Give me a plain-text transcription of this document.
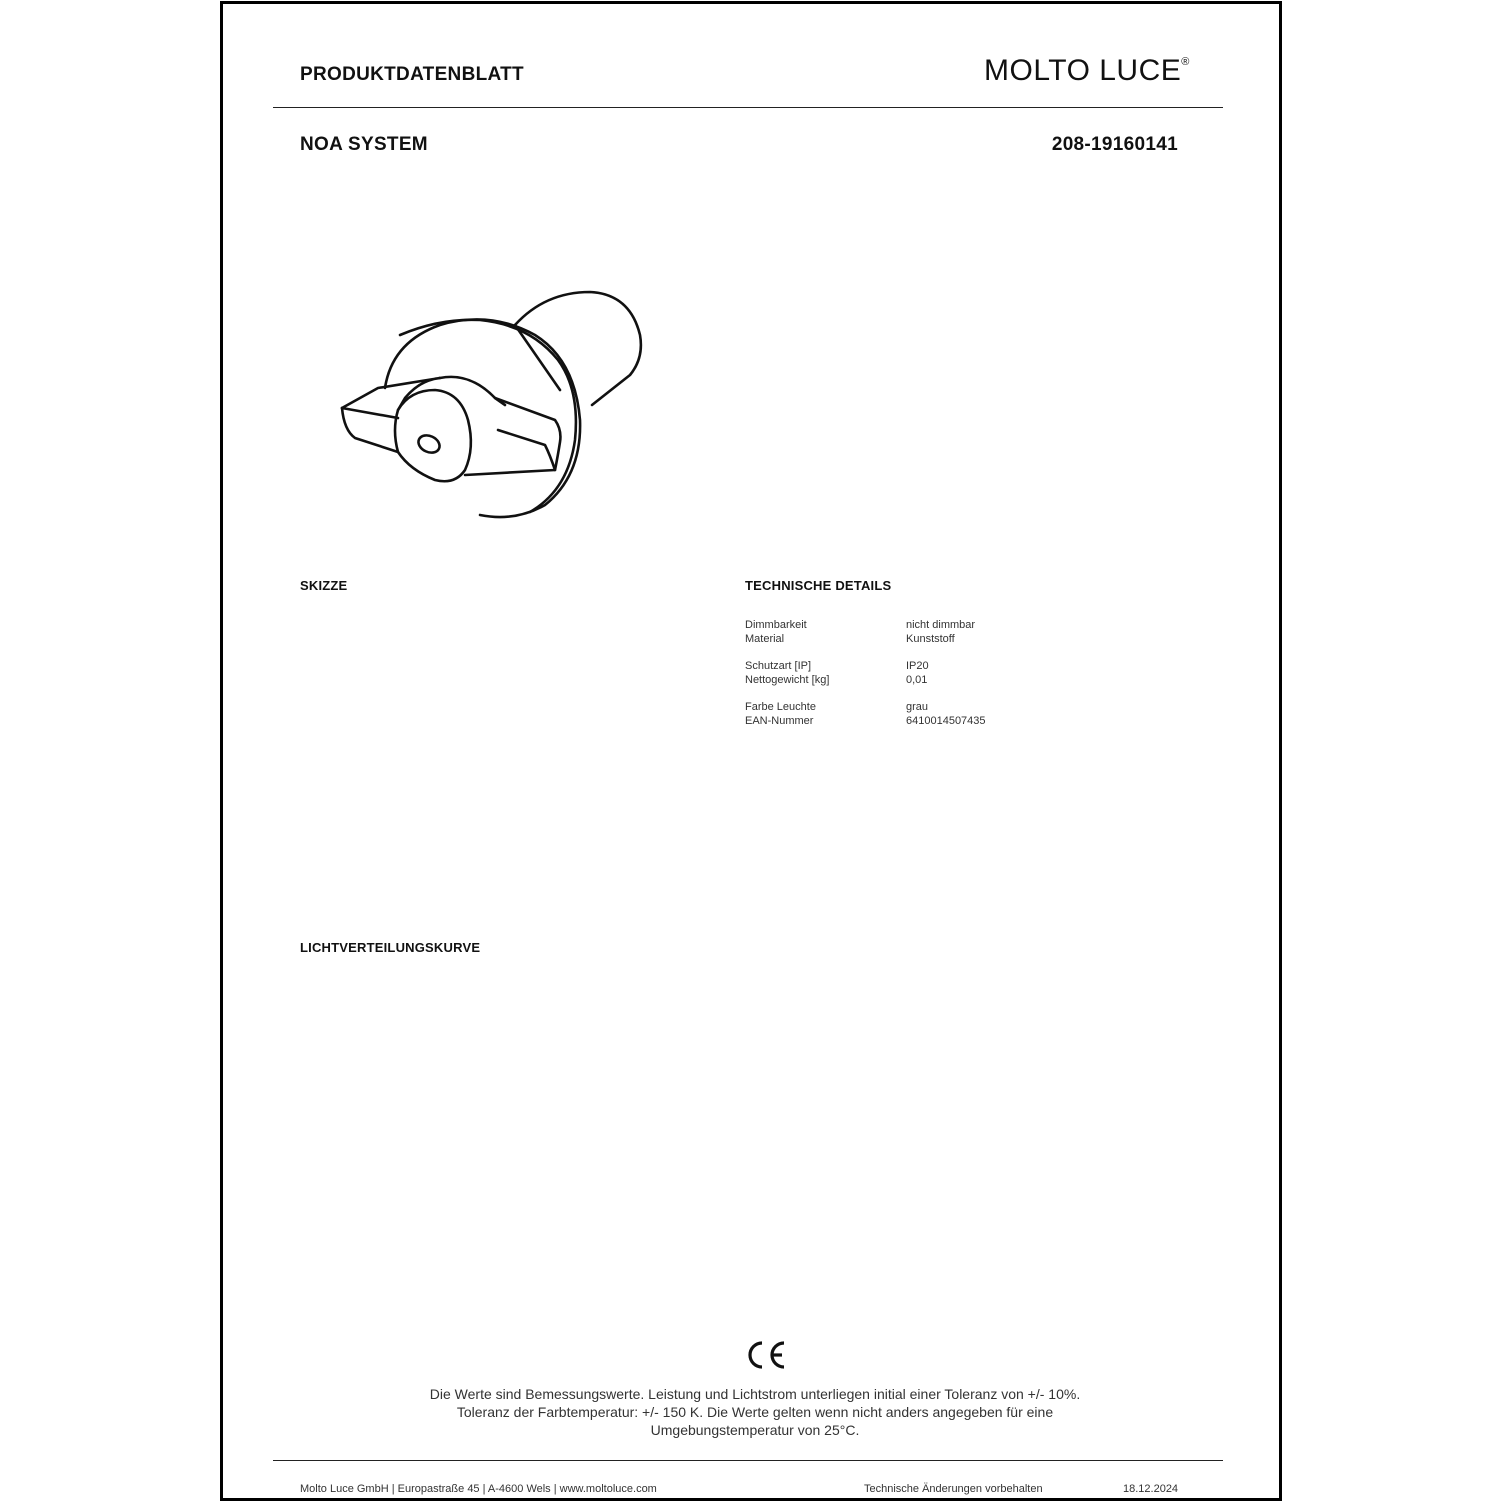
PRODUKTDATENBLATT	MOLTO LUCE®
NOA SYSTEM	208-19160141
SKIZZE	TECHNISCHE DETAILS
Dimmbarkeit	nicht dimmbar
Material	Kunststoff
Schutzart [IP]	IP20
Nettogewicht [kg]	0,01
Farbe Leuchte	grau
EAN-Nummer	6410014507435
LICHTVERTEILUNGSKURVE
Die Werte sind Bemessungswerte. Leistung und Lichtstrom unterliegen initial einer Toleranz von +/- 10%.
Toleranz der Farbtemperatur: +/- 150 K. Die Werte gelten wenn nicht anders angegeben für eine
Umgebungstemperatur von 25°C.
Molto Luce GmbH | Europastraße 45 | A-4600 Wels | www.moltoluce.com	Technische Änderungen vorbehalten	18.12.2024
